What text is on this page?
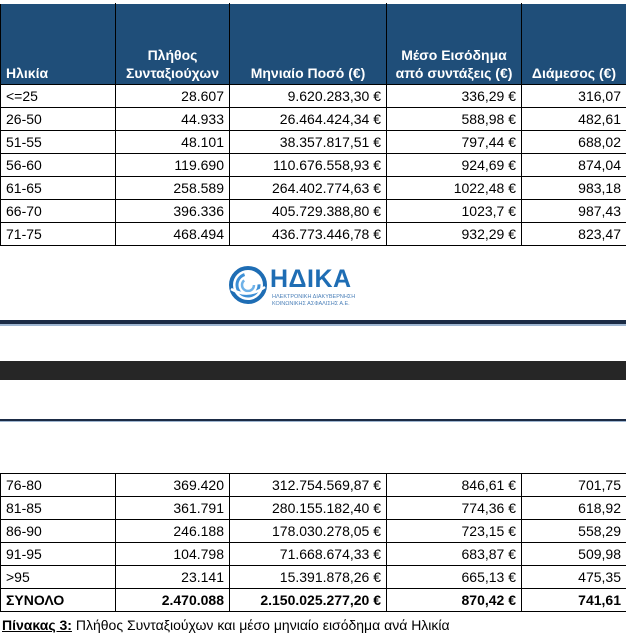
Ηλικία	Πλήθος Συνταξιούχων	Μηνιαίο Ποσό (€)	Μέσο Εισόδημα από συντάξεις (€)	Διάμεσος (€)
<=25	28.607	9.620.283,30 €	336,29 €	316,07
26-50	44.933	26.464.424,34 €	588,98 €	482,61
51-55	48.101	38.357.817,51 €	797,44 €	688,02
56-60	119.690	110.676.558,93 €	924,69 €	874,04
61-65	258.589	264.402.774,63 €	1022,48 €	983,18
66-70	396.336	405.729.388,80 €	1023,7 €	987,43
71-75	468.494	436.773.446,78 €	932,29 €	823,47
ΗΔΙΚΑ
ΗΛΕΚΤΡΟΝΙΚΗ ΔΙΑΚΥΒΕΡΝΗΣΗ
ΚΟΙΝΩΝΙΚΗΣ ΑΣΦΑΛΙΣΗΣ Α.Ε.
76-80	369.420	312.754.569,87 €	846,61 €	701,75
81-85	361.791	280.155.182,40 €	774,36 €	618,92
86-90	246.188	178.030.278,05 €	723,15 €	558,29
91-95	104.798	71.668.674,33 €	683,87 €	509,98
>95	23.141	15.391.878,26 €	665,13 €	475,35
ΣΥΝΟΛΟ	2.470.088	2.150.025.277,20 €	870,42 €	741,61
Πίνακας 3: Πλήθος Συνταξιούχων και μέσο μηνιαίο εισόδημα ανά Ηλικία
